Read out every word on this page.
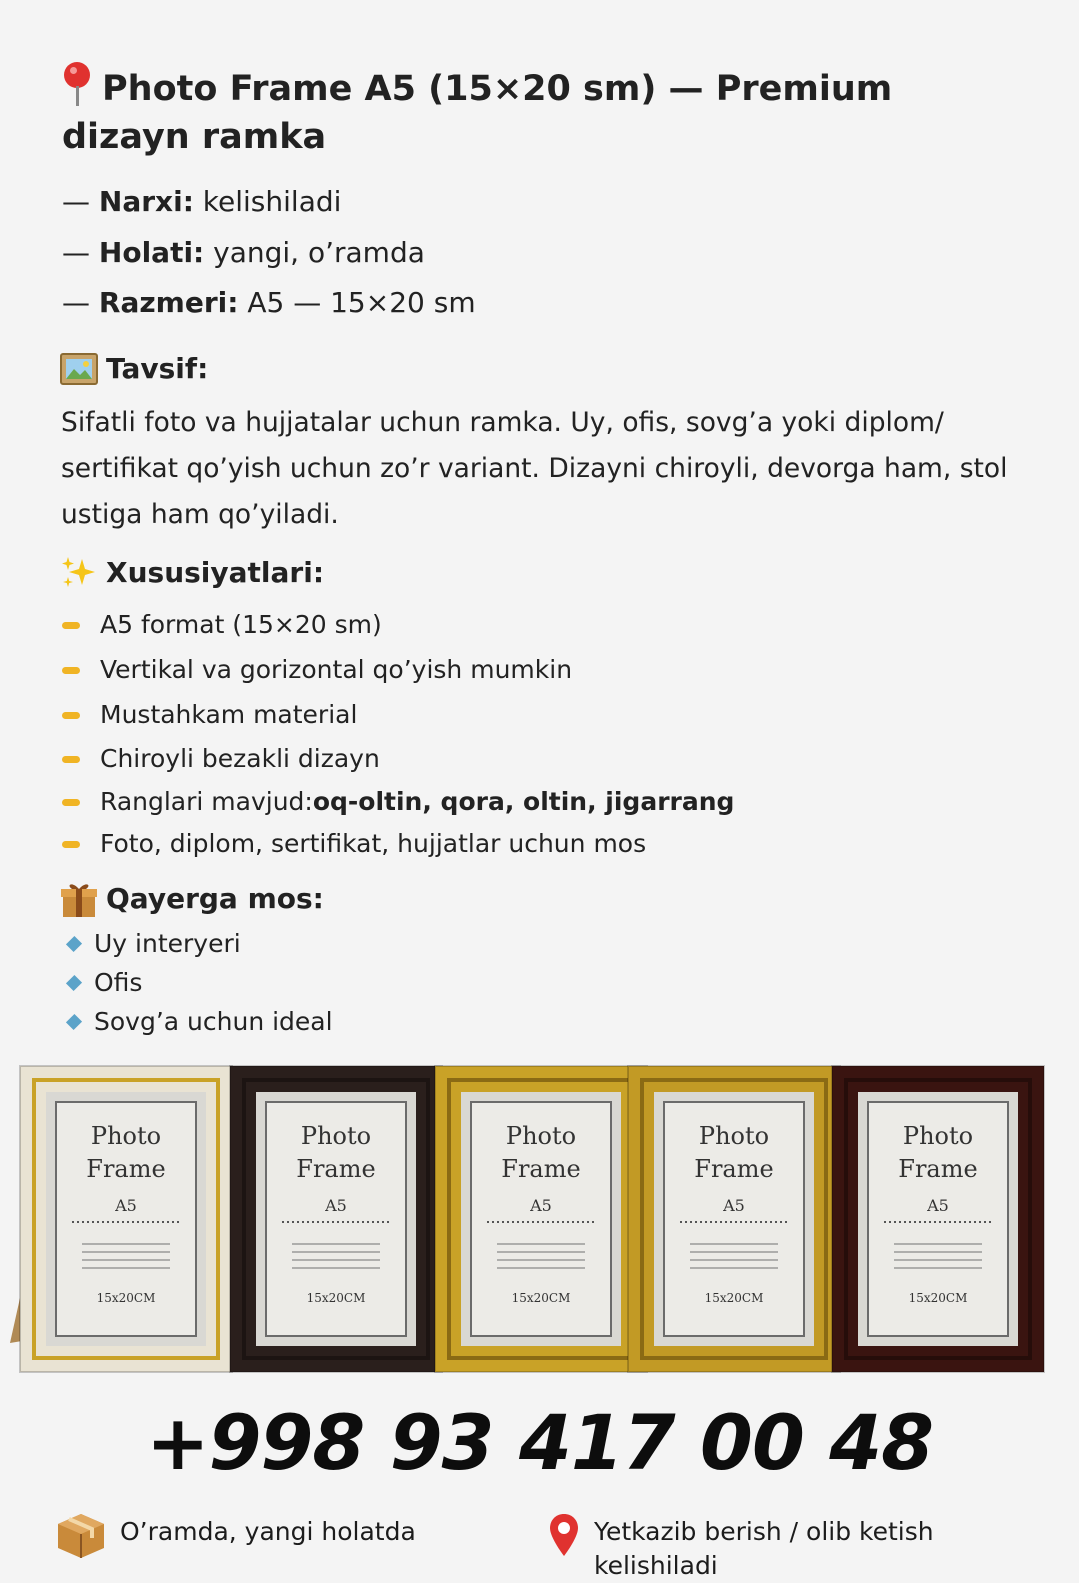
Photo Frame A5 (15×20 sm) — Premium dizayn ramka
— Narxi: kelishiladi
— Holati: yangi, o’ramda
— Razmeri: A5 — 15×20 sm
Tavsif:
Sifatli foto va hujjatalar uchun ramka. Uy, ofis, sovg’a yoki diplom/ sertifikat qo’yish uchun zo’r variant. Dizayni chiroyli, devorga ham, stol ustiga ham qo’yiladi.
Xususiyatlari:
A5 format (15×20 sm)
Vertikal va gorizontal qo’yish mumkin
Mustahkam material
Chiroyli bezakli dizayn
Ranglari mavjud: oq-oltin, qora, oltin, jigarrang
Foto, diplom, sertifikat, hujjatlar uchun mos
Qayerga mos:
Uy interyeri
Ofis
Sovg’a uchun ideal
Photo
Frame
A5
15x20CM
Photo
Frame
A5
15x20CM
Photo
Frame
A5
15x20CM
Photo
Frame
A5
15x20CM
Photo
Frame
A5
15x20CM
+998 93 417 00 48
O’ramda, yangi holatda	Yetkazib berish / olib ketish kelishiladi
